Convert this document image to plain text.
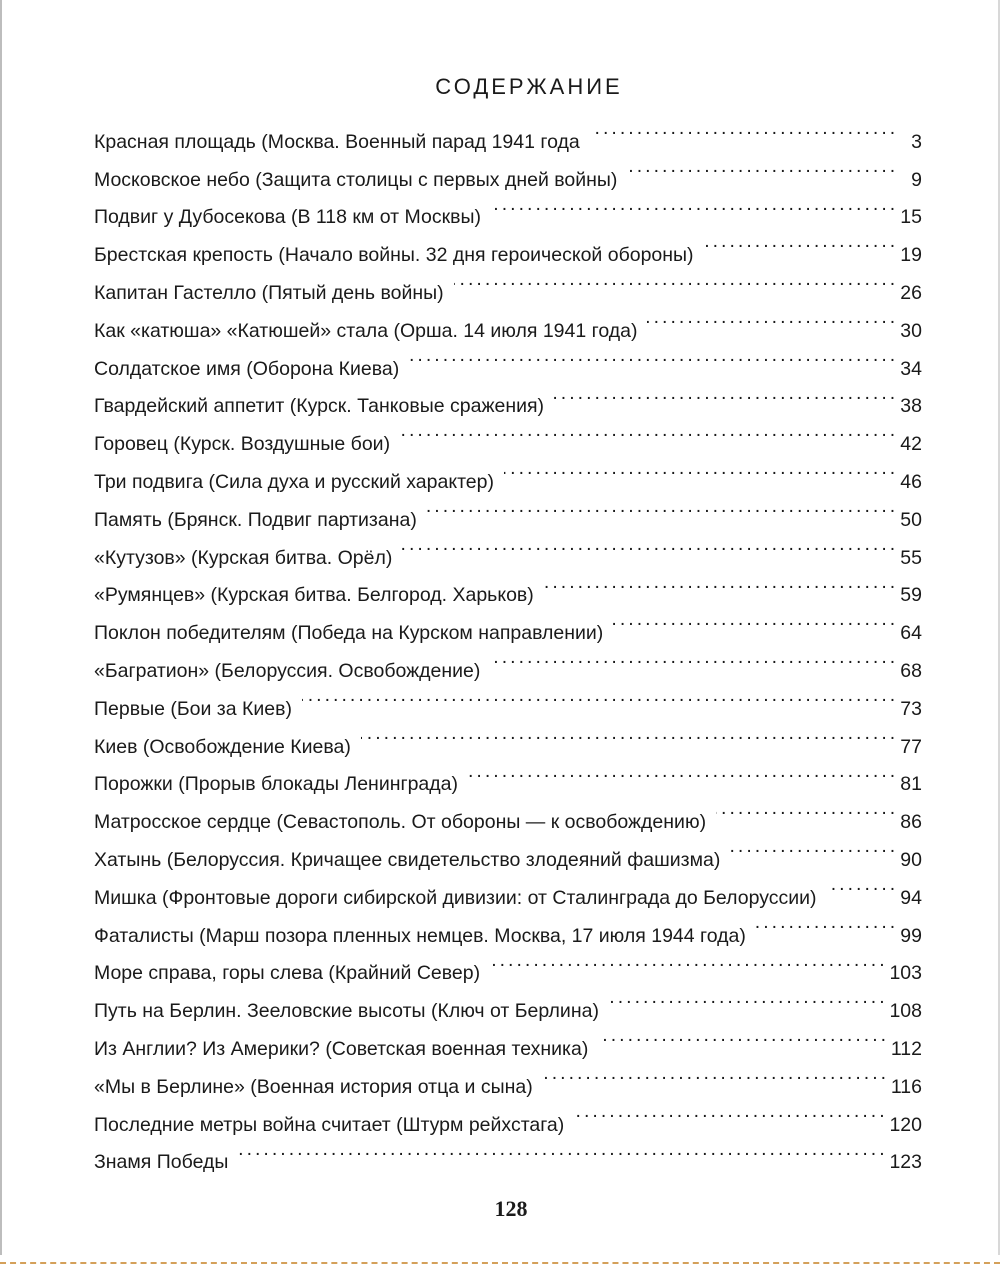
СОДЕРЖАНИЕ
Красная площадь (Москва. Военный парад 1941 года . . .	3
Московское небо (Защита столицы с первых дней войны) . . .	9
Подвиг у Дубосекова (В 118 км от Москвы) . . .	15
Брестская крепость (Начало войны. 32 дня героической обороны) . . .	19
Капитан Гастелло (Пятый день войны) . . .	26
Как «катюша» «Катюшей» стала (Орша. 14 июля 1941 года) . . .	30
Солдатское имя (Оборона Киева) . . .	34
Гвардейский аппетит (Курск. Танковые сражения) . . .	38
Горовец (Курск. Воздушные бои) . . .	42
Три подвига (Сила духа и русский характер) . . .	46
Память (Брянск. Подвиг партизана) . . .	50
«Кутузов» (Курская битва. Орёл) . . .	55
«Румянцев» (Курская битва. Белгород. Харьков) . . .	59
Поклон победителям (Победа на Курском направлении) . . .	64
«Багратион» (Белоруссия. Освобождение) . . .	68
Первые (Бои за Киев) . . .	73
Киев (Освобождение Киева) . . .	77
Порожки (Прорыв блокады Ленинграда) . . .	81
Матросское сердце (Севастополь. От обороны — к освобождению) . . .	86
Хатынь (Белоруссия. Кричащее свидетельство злодеяний фашизма) . . .	90
Мишка (Фронтовые дороги сибирской дивизии: от Сталинграда до Белоруссии) . . .	94
Фаталисты (Марш позора пленных немцев. Москва, 17 июля 1944 года) . . .	99
Море справа, горы слева (Крайний Север) . . .	103
Путь на Берлин. Зееловские высоты (Ключ от Берлина) . . .	108
Из Англии? Из Америки? (Советская военная техника) . . .	112
«Мы в Берлине» (Военная история отца и сына) . . .	116
Последние метры война считает (Штурм рейхстага) . . .	120
Знамя Победы . . .	123
128
